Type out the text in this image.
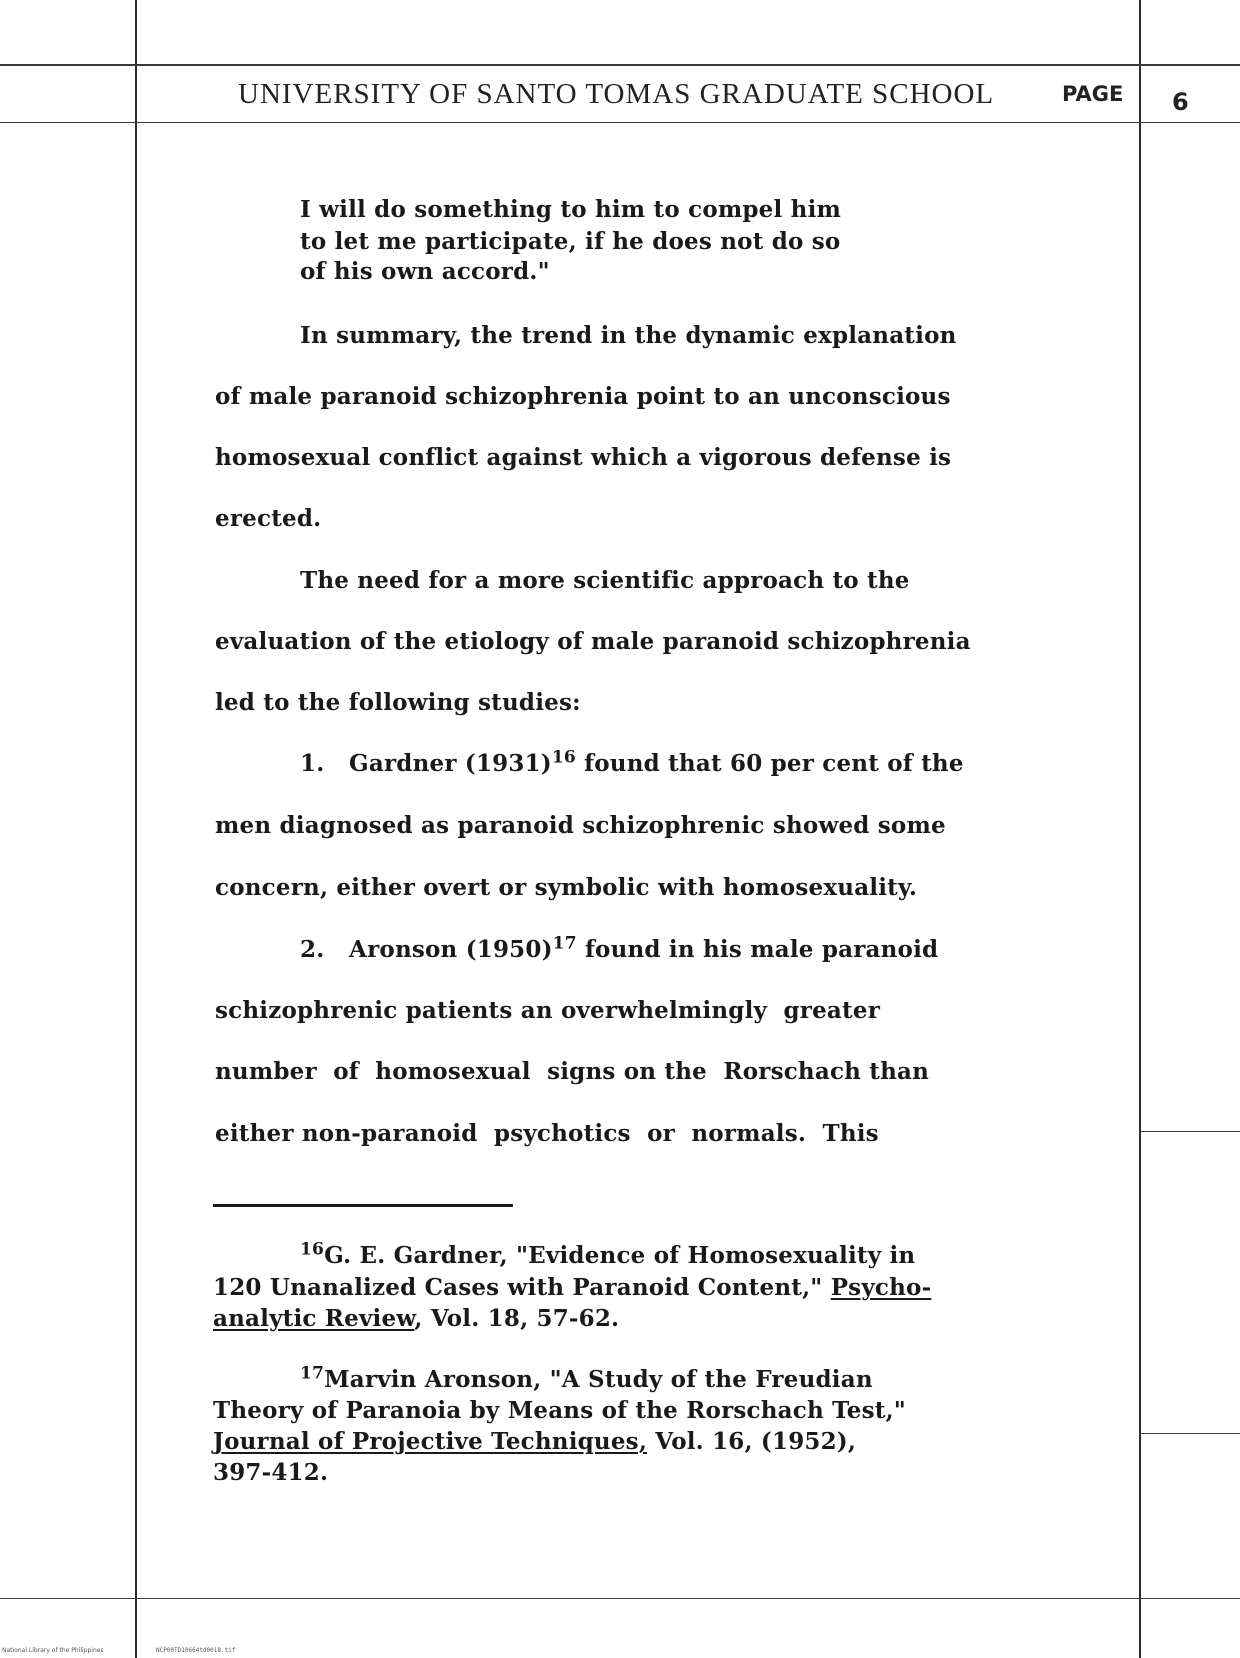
UNIVERSITY OF SANTO TOMAS GRADUATE SCHOOL	PAGE 6

I will do something to him to compel him

to let me participate, if he does not do so

of his own accord."

In summary, the trend in the dynamic explanation

of male paranoid schizophrenia point to an unconscious

homosexual conflict against which a vigorous defense is

erected.

The need for a more scientific approach to the

evaluation of the etiology of male paranoid schizophrenia

led to the following studies:

1. Gardner $(1931)^{16}$ found that 60 per cent of the

men diagnosed as paranoid schizophrenic showed some

concern, either overt or symbolic with homosexuality.

2. Aronson $(1950)^{17}$ found in his male paranoid

schizophrenic patients an overwhelmingly  greater

number  of  homosexual  signs on the  Rorschach than

either non-paranoid  psychotics  or  normals.  This

$^{16}$G. E. Gardner, "Evidence of Homosexuality in

120 Unanalized Cases with Paranoid Content," Psycho-

analytic Review, Vol. 18, 57-62.

$^{17}$Marvin Aronson, "A Study of the Freudian

Theory of Paranoia by Means of the Rorschach Test,"

Journal of Projective Techniques, Vol. 16, (1952),

397-412.

National Library of the Philippines	NCP00TD10664td0018.tif
